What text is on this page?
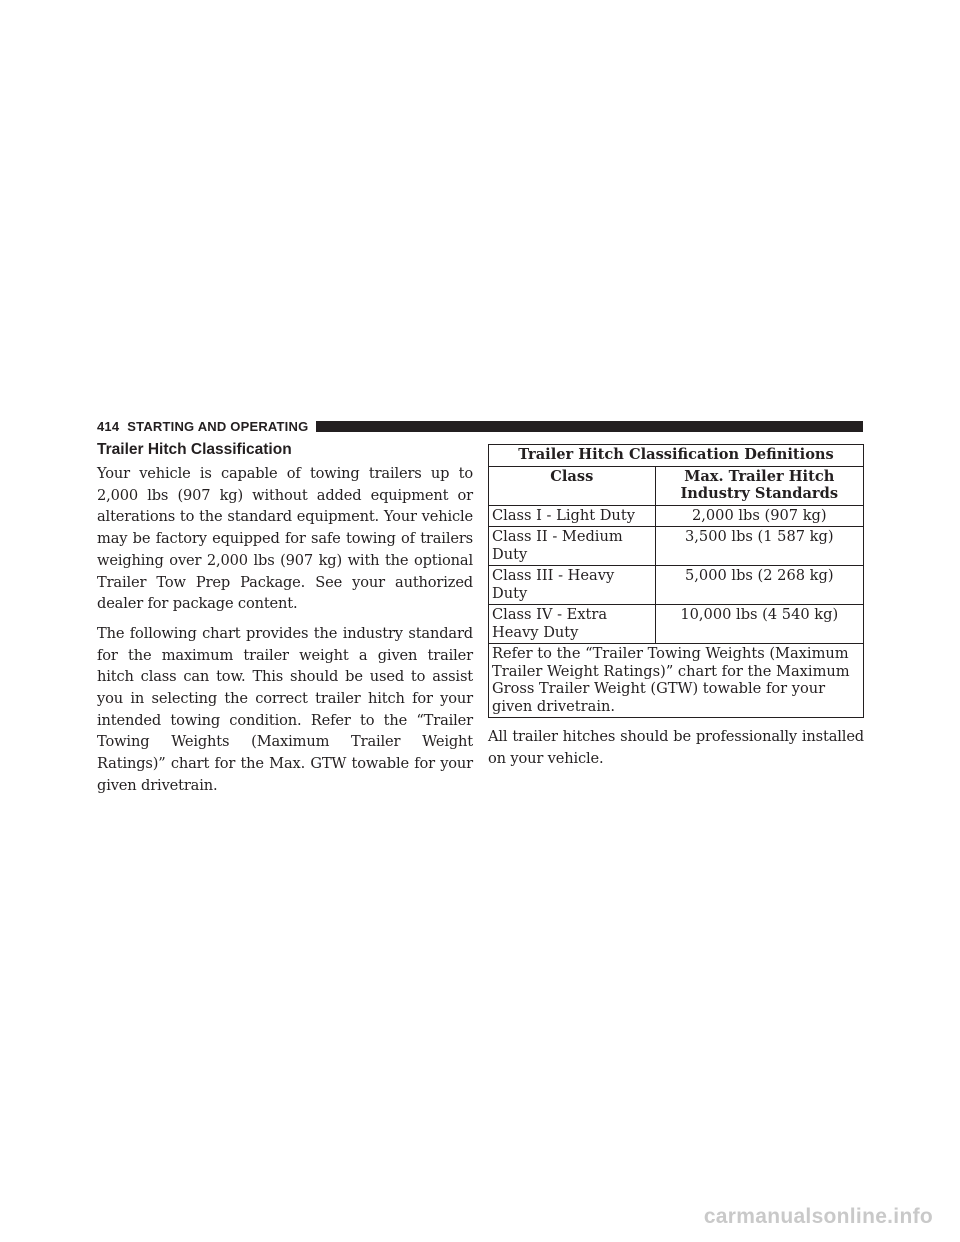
414 STARTING AND OPERATING
Trailer Hitch Classification

Your vehicle is capable of towing trailers up to 2,000 lbs (907 kg) without added equipment or alterations to the standard equipment. Your vehicle may be factory equipped for safe towing of trailers weighing over 2,000 lbs (907 kg) with the optional Trailer Tow Prep Package. See your authorized dealer for package content.

The following chart provides the industry standard for the maximum trailer weight a given trailer hitch class can tow. This should be used to assist you in selecting the correct trailer hitch for your intended towing condition. Refer to the “Trailer Towing Weights (Maximum Trailer Weight Ratings)” chart for the Max. GTW towable for your given drivetrain.

Trailer Hitch Classification Definitions	
Class	Max. Trailer Hitch Industry Standards
Class I - Light Duty	2,000 lbs (907 kg)
Class II - Medium Duty	3,500 lbs (1 587 kg)
Class III - Heavy Duty	5,000 lbs (2 268 kg)
Class IV - Extra Heavy Duty	10,000 lbs (4 540 kg)
Refer to the “Trailer Towing Weights (Maximum Trailer Weight Ratings)” chart for the Maximum Gross Trailer Weight (GTW) towable for your given drivetrain.	

All trailer hitches should be professionally installed on your vehicle.

carmanualsonline.info
